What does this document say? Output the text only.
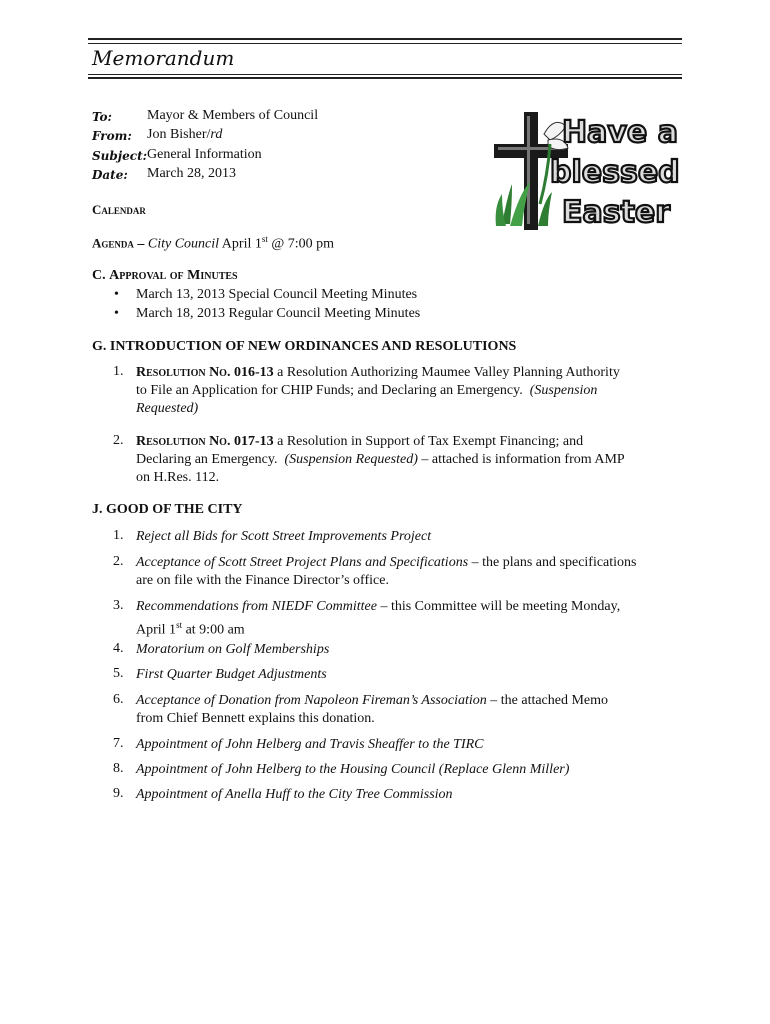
Memorandum
To:	Mayor & Members of Council
From: Jon Bisher/rd
Subject: General Information
Date: March 28, 2013
Have a
blessed
Easter
Calendar
Agenda – City Council April 1st @ 7:00 pm
C. Approval of Minutes
• March 13, 2013 Special Council Meeting Minutes
• March 18, 2013 Regular Council Meeting Minutes
G. INTRODUCTION OF NEW ORDINANCES AND RESOLUTIONS
1. Resolution No. 016-13 a Resolution Authorizing Maumee Valley Planning Authority
to File an Application for CHIP Funds; and Declaring an Emergency. (Suspension
Requested)
2. Resolution No. 017-13 a Resolution in Support of Tax Exempt Financing; and
Declaring an Emergency. (Suspension Requested) – attached is information from AMP
on H.Res. 112.
J. GOOD OF THE CITY
1. Reject all Bids for Scott Street Improvements Project
2. Acceptance of Scott Street Project Plans and Specifications – the plans and specifications
are on file with the Finance Director’s office.
3. Recommendations from NIEDF Committee – this Committee will be meeting Monday,
April 1st at 9:00 am
4. Moratorium on Golf Memberships
5. First Quarter Budget Adjustments
6. Acceptance of Donation from Napoleon Fireman’s Association – the attached Memo
from Chief Bennett explains this donation.
7. Appointment of John Helberg and Travis Sheaffer to the TIRC
8. Appointment of John Helberg to the Housing Council (Replace Glenn Miller)
9. Appointment of Anella Huff to the City Tree Commission
